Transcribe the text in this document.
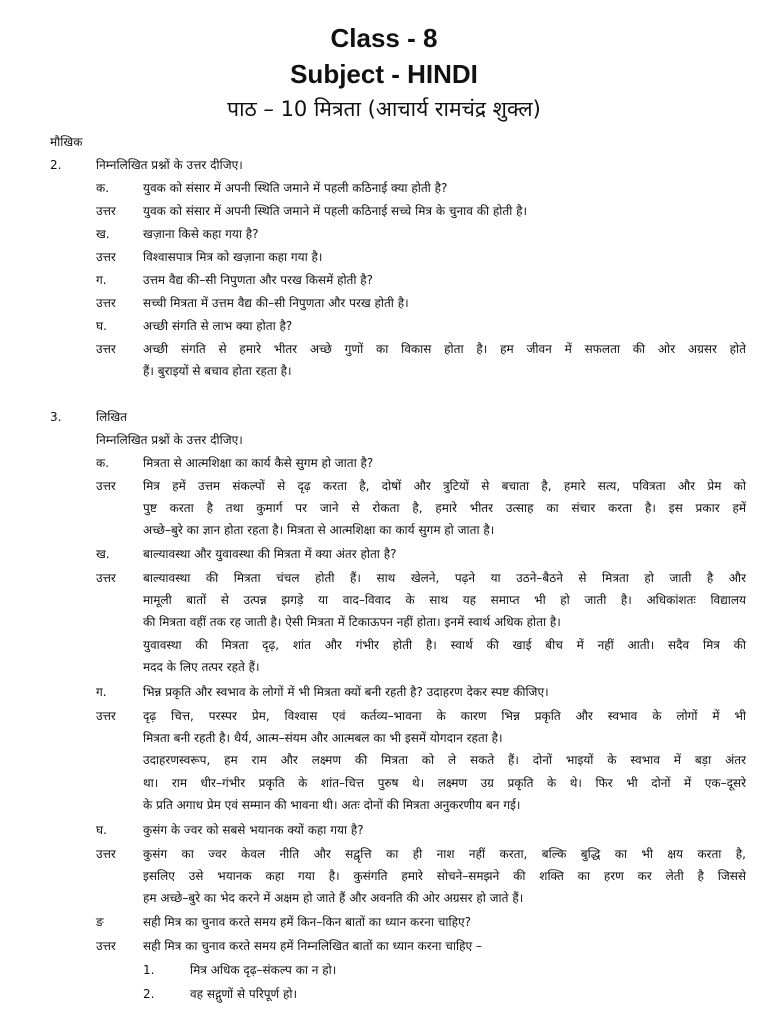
Class - 8
Subject - HINDI
पाठ – 10 मित्रता (आचार्य रामचंद्र शुक्ल)
मौखिक
2.	निम्नलिखित प्रश्नों के उत्तर दीजिए।
क.	युवक को संसार में अपनी स्थिति जमाने में पहली कठिनाई क्या होती है?
उत्तर युवक को संसार में अपनी स्थिति जमाने में पहली कठिनाई सच्चे मित्र के चुनाव की होती है।
ख.	खज़ाना किसे कहा गया है?
उत्तर विश्वासपात्र मित्र को खज़ाना कहा गया है।
ग.	उत्तम वैद्य की–सी निपुणता और परख किसमें होती है?
उत्तर सच्ची मित्रता में उत्तम वैद्य की–सी निपुणता और परख होती है।
घ.	अच्छी संगति से लाभ क्या होता है?
उत्तर अच्छी संगति से हमारे भीतर अच्छे गुणों का विकास होता है। हम जीवन में सफलता की ओर अग्रसर होते
हैं। बुराइयों से बचाव होता रहता है।
3.	लिखित
निम्नलिखित प्रश्नों के उत्तर दीजिए।
क.	मित्रता से आत्मशिक्षा का कार्य कैसे सुगम हो जाता है?
उत्तर मित्र हमें उत्तम संकल्पों से दृढ़ करता है, दोषों और त्रुटियों से बचाता है, हमारे सत्य, पवित्रता और प्रेम को
पुष्ट करता है तथा कुमार्ग पर जाने से रोकता है, हमारे भीतर उत्साह का संचार करता है। इस प्रकार हमें
अच्छे–बुरे का ज्ञान होता रहता है। मित्रता से आत्मशिक्षा का कार्य सुगम हो जाता है।
ख.	बाल्यावस्था और युवावस्था की मित्रता में क्या अंतर होता है?
उत्तर बाल्यावस्था की मित्रता चंचल होती हैं। साथ खेलने, पढ़ने या उठने–बैठने से मित्रता हो जाती है और
मामूली बातों से उत्पन्न झगड़े या वाद–विवाद के साथ यह समाप्त भी हो जाती है। अधिकांशतः विद्यालय
की मित्रता वहीं तक रह जाती है। ऐसी मित्रता में टिकाऊपन नहीं होता। इनमें स्वार्थ अधिक होता है।
युवावस्था की मित्रता दृढ़, शांत और गंभीर होती है। स्वार्थ की खाई बीच में नहीं आती। सदैव मित्र की
मदद के लिए तत्पर रहते हैं।
ग.	भिन्न प्रकृति और स्वभाव के लोगों में भी मित्रता क्यों बनी रहती है? उदाहरण देकर स्पष्ट कीजिए।
उत्तर दृढ़ चित्त, परस्पर प्रेम, विश्वास एवं कर्तव्य–भावना के कारण भिन्न प्रकृति और स्वभाव के लोगों में भी
मित्रता बनी रहती है। धैर्य, आत्म–संयम और आत्मबल का भी इसमें योगदान रहता है।
उदाहरणस्वरूप, हम राम और लक्ष्मण की मित्रता को ले सकते हैं। दोनों भाइयों के स्वभाव में बड़ा अंतर
था। राम धीर–गंभीर प्रकृति के शांत–चित्त पुरुष थे। लक्ष्मण उग्र प्रकृति के थे। फिर भी दोनों में एक–दूसरे
के प्रति अगाध प्रेम एवं सम्मान की भावना थी। अतः दोनों की मित्रता अनुकरणीय बन गई।
घ.	कुसंग के ज्वर को सबसे भयानक क्यों कहा गया है?
उत्तर कुसंग का ज्वर केवल नीति और सद्वृत्ति का ही नाश नहीं करता, बल्कि बुद्धि का भी क्षय करता है,
इसलिए उसे भयानक कहा गया है। कुसंगति हमारे सोचने–समझने की शक्ति का हरण कर लेती है जिससे
हम अच्छे–बुरे का भेद करने में अक्षम हो जाते हैं और अवनति की ओर अग्रसर हो जाते हैं।
ङ	सही मित्र का चुनाव करते समय हमें किन–किन बातों का ध्यान करना चाहिए?
उत्तर सही मित्र का चुनाव करते समय हमें निम्नलिखित बातों का ध्यान करना चाहिए –
1.	मित्र अधिक दृढ़–संकल्प का न हो।
2.	वह सद्गुणों से परिपूर्ण हो।
